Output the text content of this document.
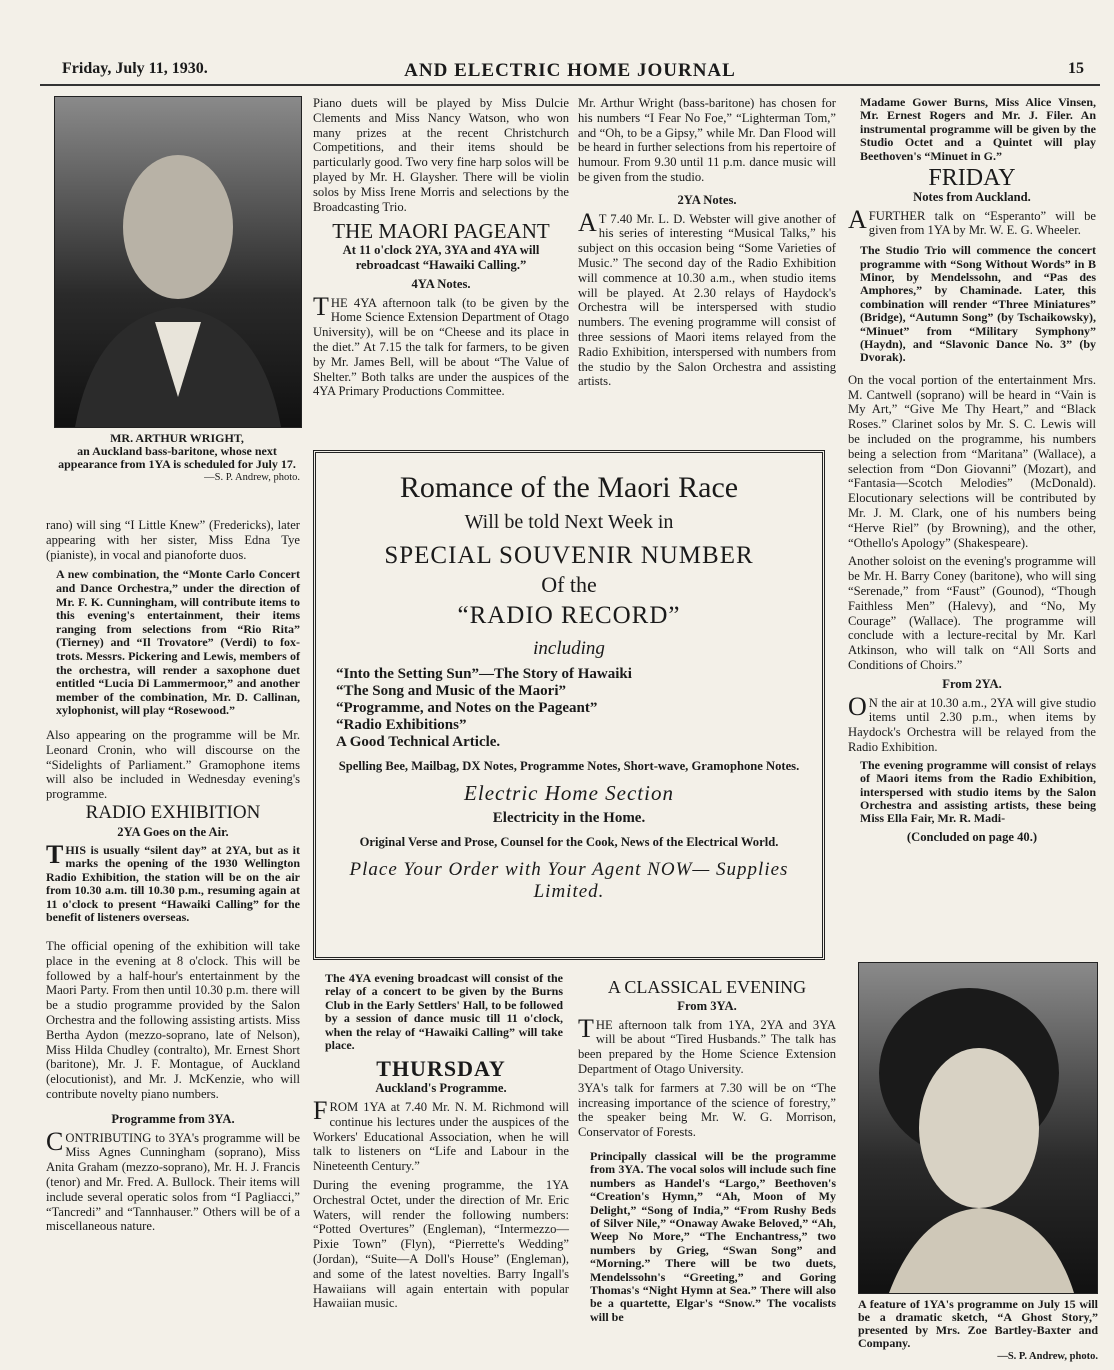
Friday, July 11, 1930.	AND ELECTRIC HOME JOURNAL	15
MR. ARTHUR WRIGHT,
an Auckland bass-baritone, whose next appearance from 1YA is scheduled for July 17.
—S. P. Andrew, photo.

rano) will sing “I Little Knew” (Fredericks), later appearing with her sister, Miss Edna Tye (pianiste), in vocal and pianoforte duos.

A new combination, the “Monte Carlo Concert and Dance Orchestra,” under the direction of Mr. F. K. Cunningham, will contribute items to this evening's entertainment, their items ranging from selections from “Rio Rita” (Tierney) and “Il Trovatore” (Verdi) to fox-trots. Messrs. Pickering and Lewis, members of the orchestra, will render a saxophone duet entitled “Lucia Di Lammermoor,” and another member of the combination, Mr. D. Callinan, xylophonist, will play “Rosewood.”

Also appearing on the programme will be Mr. Leonard Cronin, who will discourse on the “Sidelights of Parliament.” Gramophone items will also be included in Wednesday evening's programme.

RADIO EXHIBITION
2YA Goes on the Air.

THIS is usually “silent day” at 2YA, but as it marks the opening of the 1930 Wellington Radio Exhibition, the station will be on the air from 10.30 a.m. till 10.30 p.m., resuming again at 11 o'clock to present “Hawaiki Calling” for the benefit of listeners overseas.

The official opening of the exhibition will take place in the evening at 8 o'clock. This will be followed by a half-hour's entertainment by the Maori Party. From then until 10.30 p.m. there will be a studio programme provided by the Salon Orchestra and the following assisting artists. Miss Bertha Aydon (mezzo-soprano, late of Nelson), Miss Hilda Chudley (contralto), Mr. Ernest Short (baritone), Mr. J. F. Montague, of Auckland (elocutionist), and Mr. J. McKenzie, who will contribute novelty piano numbers.

Programme from 3YA.

CONTRIBUTING to 3YA's programme will be Miss Agnes Cunningham (soprano), Miss Anita Graham (mezzo-soprano), Mr. H. J. Francis (tenor) and Mr. Fred. A. Bullock. Their items will include several operatic solos from “I Pagliacci,” “Tancredi” and “Tannhauser.” Others will be of a miscellaneous nature.

Piano duets will be played by Miss Dulcie Clements and Miss Nancy Watson, who won many prizes at the recent Christchurch Competitions, and their items should be particularly good. Two very fine harp solos will be played by Mr. H. Glaysher. There will be violin solos by Miss Irene Morris and selections by the Broadcasting Trio.

THE MAORI PAGEANT
At 11 o'clock 2YA, 3YA and 4YA will rebroadcast “Hawaiki Calling.”
4YA Notes.

THE 4YA afternoon talk (to be given by the Home Science Extension Department of Otago University), will be on “Cheese and its place in the diet.” At 7.15 the talk for farmers, to be given by Mr. James Bell, will be about “The Value of Shelter.” Both talks are under the auspices of the 4YA Primary Productions Committee.

Mr. Arthur Wright (bass-baritone) has chosen for his numbers “I Fear No Foe,” “Lighterman Tom,” and “Oh, to be a Gipsy,” while Mr. Dan Flood will be heard in further selections from his repertoire of humour. From 9.30 until 11 p.m. dance music will be given from the studio.

2YA Notes.

A T 7.40 Mr. L. D. Webster will give another of his series of interesting “Musical Talks,” his subject on this occasion being “Some Varieties of Music.” The second day of the Radio Exhibition will commence at 10.30 a.m., when studio items will be played. At 2.30 relays of Haydock's Orchestra will be interspersed with studio numbers. The evening programme will consist of three sessions of Maori items relayed from the Radio Exhibition, interspersed with numbers from the studio by the Salon Orchestra and assisting artists.

Romance of the Maori Race
Will be told Next Week in
SPECIAL SOUVENIR NUMBER
Of the
“RADIO RECORD”
including
“Into the Setting Sun”—The Story of Hawaiki
“The Song and Music of the Maori”
“Programme, and Notes on the Pageant”
“Radio Exhibitions”
A Good Technical Article.
Spelling Bee, Mailbag, DX Notes, Programme Notes, Short-wave, Gramophone Notes.
Electric Home Section
Electricity in the Home.
Original Verse and Prose, Counsel for the Cook, News of the Electrical World.
Place Your Order with Your Agent NOW— Supplies Limited.

The 4YA evening broadcast will consist of the relay of a concert to be given by the Burns Club in the Early Settlers' Hall, to be followed by a session of dance music till 11 o'clock, when the relay of “Hawaiki Calling” will take place.

THURSDAY
Auckland's Programme.

FROM 1YA at 7.40 Mr. N. M. Richmond will continue his lectures under the auspices of the Workers' Educational Association, when he will talk to listeners on “Life and Labour in the Nineteenth Century.”

During the evening programme, the 1YA Orchestral Octet, under the direction of Mr. Eric Waters, will render the following numbers: “Potted Overtures” (Engleman), “Intermezzo—Pixie Town” (Flyn), “Pierrette's Wedding” (Jordan), “Suite—A Doll's House” (Engleman), and some of the latest novelties. Barry Ingall's Hawaiians will again entertain with popular Hawaiian music.

A CLASSICAL EVENING
From 3YA.

THE afternoon talk from 1YA, 2YA and 3YA will be about “Tired Husbands.” The talk has been prepared by the Home Science Extension Department of Otago University.

3YA's talk for farmers at 7.30 will be on “The increasing importance of the science of forestry,” the speaker being Mr. W. G. Morrison, Conservator of Forests.

Principally classical will be the programme from 3YA. The vocal solos will include such fine numbers as Handel's “Largo,” Beethoven's “Creation's Hymn,” “Ah, Moon of My Delight,” “Song of India,” “From Rushy Beds of Silver Nile,” “Onaway Awake Beloved,” “Ah, Weep No More,” “The Enchantress,” two numbers by Grieg, “Swan Song” and “Morning.” There will be two duets, Mendelssohn's “Greeting,” and Goring Thomas's “Night Hymn at Sea.” There will also be a quartette, Elgar's “Snow.” The vocalists will be

Madame Gower Burns, Miss Alice Vinsen, Mr. Ernest Rogers and Mr. J. Filer. An instrumental programme will be given by the Studio Octet and a Quintet will play Beethoven's “Minuet in G.”

FRIDAY
Notes from Auckland.

AFURTHER talk on “Esperanto” will be given from 1YA by Mr. W. E. G. Wheeler.

The Studio Trio will commence the concert programme with “Song Without Words” in B Minor, by Mendelssohn, and “Pas des Amphores,” by Chaminade. Later, this combination will render “Three Miniatures” (Bridge), “Autumn Song” (by Tschaikowsky), “Minuet” from “Military Symphony” (Haydn), and “Slavonic Dance No. 3” (by Dvorak).

On the vocal portion of the entertainment Mrs. M. Cantwell (soprano) will be heard in “Vain is My Art,” “Give Me Thy Heart,” and “Black Roses.” Clarinet solos by Mr. S. C. Lewis will be included on the programme, his numbers being a selection from “Maritana” (Wallace), a selection from “Don Giovanni” (Mozart), and “Fantasia—Scotch Melodies” (McDonald). Elocutionary selections will be contributed by Mr. J. M. Clark, one of his numbers being “Herve Riel” (by Browning), and the other, “Othello's Apology” (Shakespeare).

Another soloist on the evening's programme will be Mr. H. Barry Coney (baritone), who will sing “Serenade,” from “Faust” (Gounod), “Though Faithless Men” (Halevy), and “No, My Courage” (Wallace). The programme will conclude with a lecture-recital by Mr. Karl Atkinson, who will talk on “All Sorts and Conditions of Choirs.”

From 2YA.

O N the air at 10.30 a.m., 2YA will give studio items until 2.30 p.m., when items by Haydock's Orchestra will be relayed from the Radio Exhibition.

The evening programme will consist of relays of Maori items from the Radio Exhibition, interspersed with studio items by the Salon Orchestra and assisting artists, these being Miss Ella Fair, Mr. R. Madi-

(Concluded on page 40.)
A feature of 1YA's programme on July 15 will be a dramatic sketch, “A Ghost Story,” presented by Mrs. Zoe Bartley-Baxter and Company.
—S. P. Andrew, photo.
